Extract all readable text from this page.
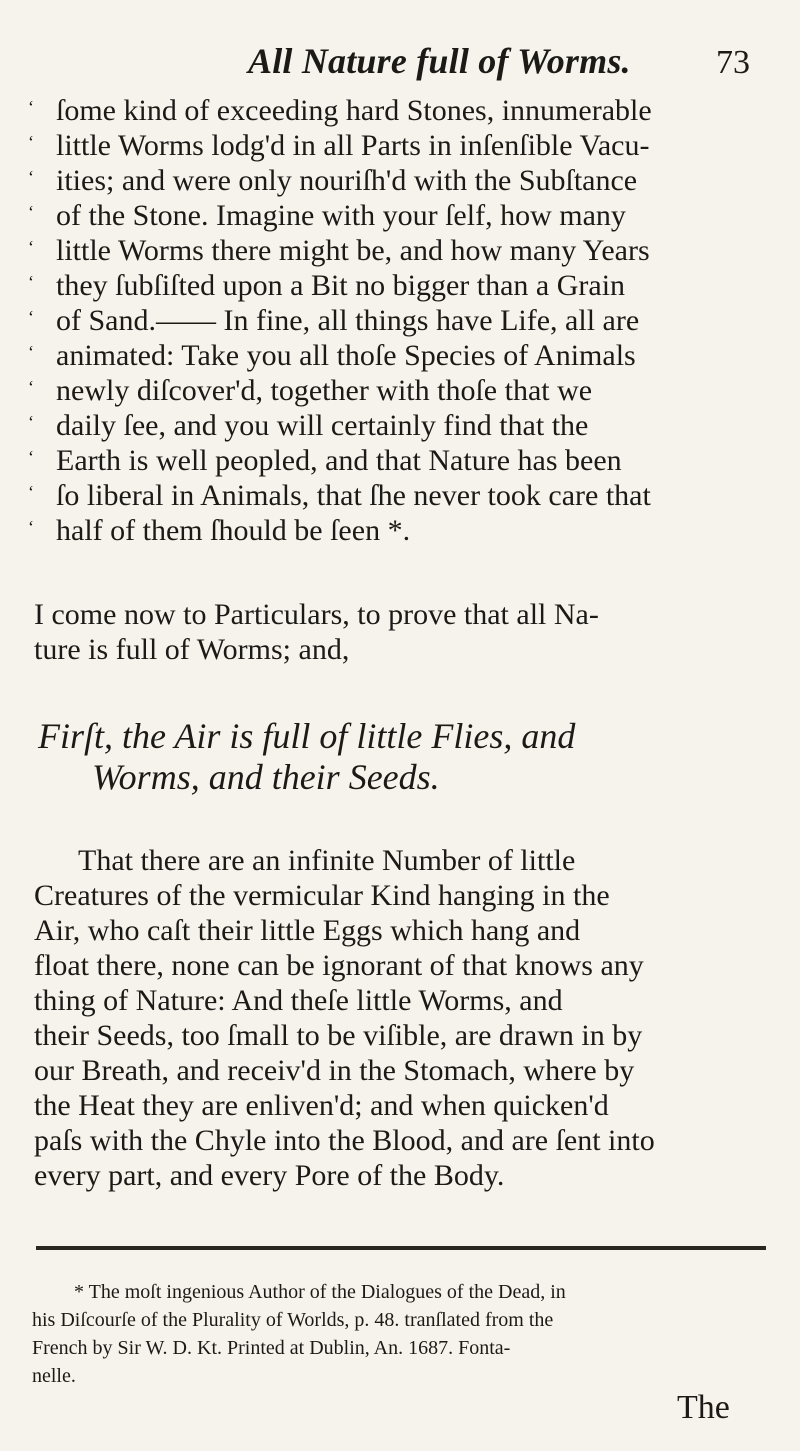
All Nature full of Worms.	73
‘ ſome kind of exceeding hard Stones, innumerable
‘ little Worms lodg'd in all Parts in inſenſible Vacu-
‘ ities; and were only nouriſh'd with the Subſtance
‘ of the Stone. Imagine with your ſelf, how many
‘ little Worms there might be, and how many Years
‘ they ſubſiſted upon a Bit no bigger than a Grain
‘ of Sand.—— In fine, all things have Life, all are
‘ animated: Take you all thoſe Species of Animals
‘ newly diſcover'd, together with thoſe that we
‘ daily ſee, and you will certainly find that the
‘ Earth is well peopled, and that Nature has been
‘ ſo liberal in Animals, that ſhe never took care that
‘ half of them ſhould be ſeen *.
I come now to Particulars, to prove that all Na-
ture is full of Worms; and,
Firſt, the Air is full of little Flies, and
Worms, and their Seeds.
That there are an infinite Number of little
Creatures of the vermicular Kind hanging in the
Air, who caſt their little Eggs which hang and
float there, none can be ignorant of that knows any
thing of Nature: And theſe little Worms, and
their Seeds, too ſmall to be viſible, are drawn in by
our Breath, and receiv'd in the Stomach, where by
the Heat they are enliven'd; and when quicken'd
paſs with the Chyle into the Blood, and are ſent into
every part, and every Pore of the Body.
* The moſt ingenious Author of the Dialogues of the Dead, in
his Diſcourſe of the Plurality of Worlds, p. 48. tranſlated from the
French by Sir W. D. Kt. Printed at Dublin, An. 1687. Fonta-
nelle.
The
